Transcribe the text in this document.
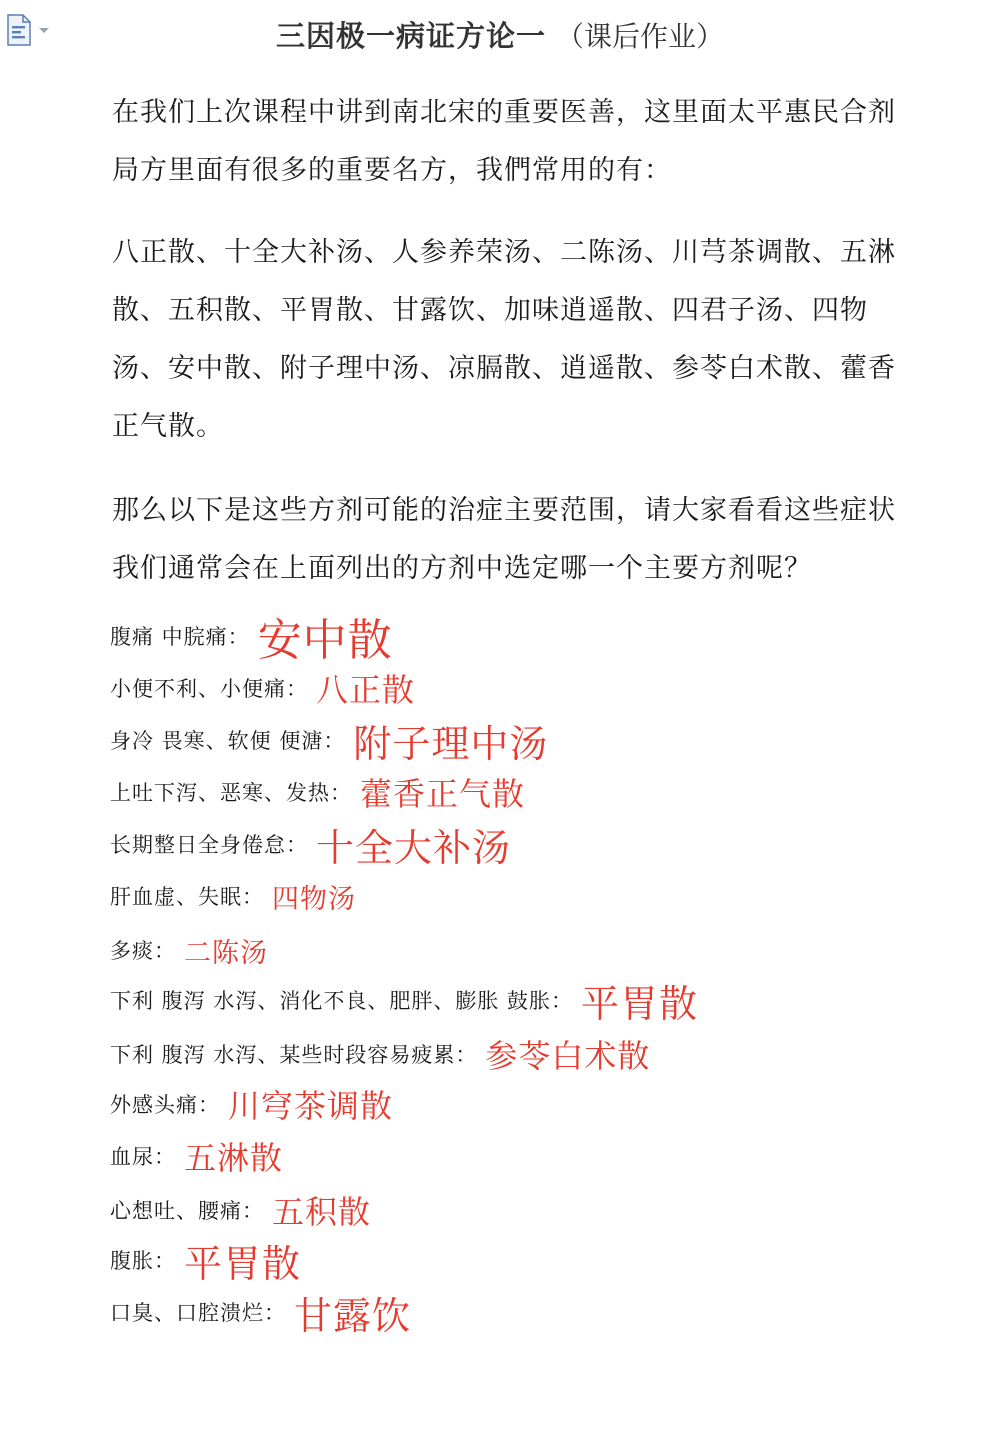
三因极一病证方论一 （课后作业）

在我们上次课程中讲到南北宋的重要医善，这里面太平惠民合剂局方里面有很多的重要名方，我們常用的有：

八正散、十全大补汤、人参养荣汤、二陈汤、川芎茶调散、五淋散、五积散、平胃散、甘露饮、加味逍遥散、四君子汤、四物汤、安中散、附子理中汤、凉膈散、逍遥散、参苓白术散、藿香正气散。

那么以下是这些方剂可能的治症主要范围，请大家看看这些症状我们通常会在上面列出的方剂中选定哪一个主要方剂呢？

腹痛 中脘痛： 安中散
小便不利、小便痛： 八正散
身冷 畏寒、软便 便溏： 附子理中汤
上吐下泻、恶寒、发热： 藿香正气散
长期整日全身倦怠： 十全大补汤
肝血虚、失眠： 四物汤
多痰： 二陈汤
下利 腹泻 水泻、消化不良、肥胖、膨胀 鼓胀： 平胃散
下利 腹泻 水泻、某些时段容易疲累： 参苓白术散
外感头痛： 川穹茶调散
血尿： 五淋散
心想吐、腰痛： 五积散
腹胀： 平胃散
口臭、口腔溃烂： 甘露饮
